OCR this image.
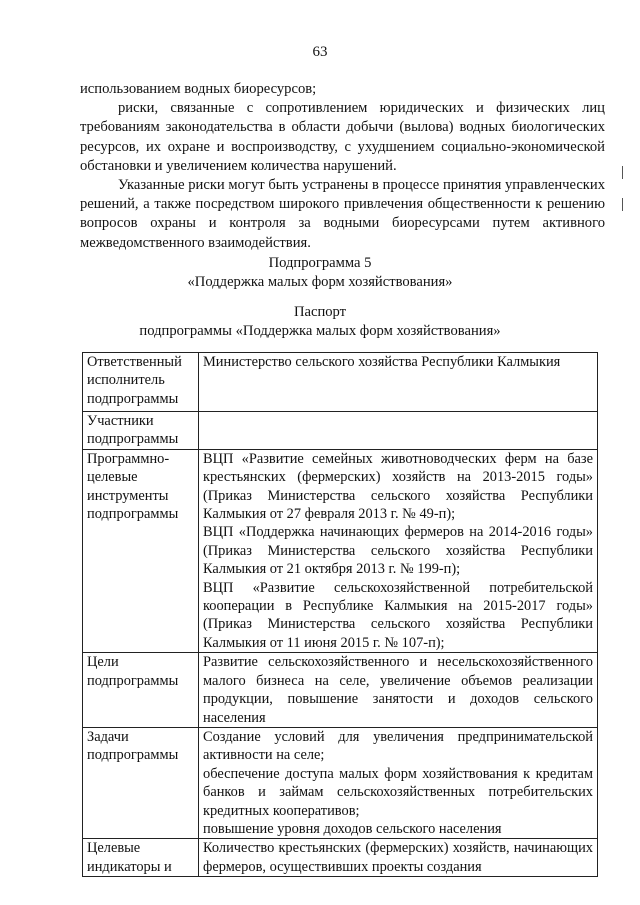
63

использованием водных биоресурсов;

риски, связанные с сопротивлением юридических и физических лиц требованиям законодательства в области добычи (вылова) водных биологических ресурсов, их охране и воспроизводству, с ухудшением социально-экономической обстановки и увеличением количества нарушений.

Указанные риски могут быть устранены в процессе принятия управленческих решений, а также посредством широкого привлечения общественности к решению вопросов охраны и контроля за водными биоресурсами путем активного межведомственного взаимодействия.

Подпрограмма 5
«Поддержка малых форм хозяйствования»
Паспорт
подпрограммы «Поддержка малых форм хозяйствования»
Ответственный исполнитель подпрограммы	Министерство сельского хозяйства Республики Калмыкия

Участники подпрограммы	
Программно-целевые инструменты подпрограммы	ВЦП «Развитие семейных животноводческих ферм на базе крестьянских (фермерских) хозяйств на 2013-2015 годы» (Приказ Министерства сельского хозяйства Республики Калмыкия от 27 февраля 2013 г. № 49-п);
ВЦП «Поддержка начинающих фермеров на 2014-2016 годы» (Приказ Министерства сельского хозяйства Республики Калмыкия от 21 октября 2013 г. № 199-п);
ВЦП «Развитие сельскохозяйственной потребительской кооперации в Республике Калмыкия на 2015-2017 годы» (Приказ Министерства сельского хозяйства Республики Калмыкия от 11 июня 2015 г. № 107-п);

Цели подпрограммы	Развитие сельскохозяйственного и несельскохозяйственного малого бизнеса на селе, увеличение объемов реализации продукции, повышение занятости и доходов сельского населения

Задачи подпрограммы	Создание условий для увеличения предпринимательской активности на селе;
обеспечение доступа малых форм хозяйствования к кредитам банков и займам сельскохозяйственных потребительских кредитных кооперативов;
повышение уровня доходов сельского населения

Целевые индикаторы и	Количество крестьянских (фермерских) хозяйств, начинающих фермеров, осуществивших проекты создания
